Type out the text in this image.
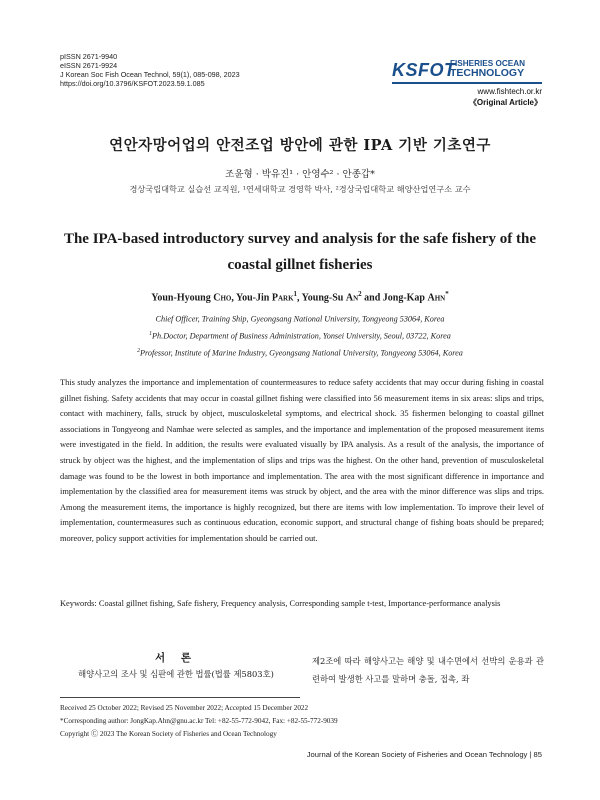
pISSN 2671-9940
eISSN 2671-9924
J Korean Soc Fish Ocean Technol, 59(1), 085-098, 2023
https://doi.org/10.3796/KSFOT.2023.59.1.085
KSFOT
FISHERIES OCEAN
TECHNOLOGY
www.fishtech.or.kr
《Original Article》
연안자망어업의 안전조업 방안에 관한 IPA 기반 기초연구
조윤형 · 박유진¹ · 안영수² · 안종갑*
경상국립대학교 실습선 교직원, ¹연세대학교 경영학 박사, ²경상국립대학교 해양산업연구소 교수
The IPA-based introductory survey and analysis for the safe fishery of the coastal gillnet fisheries
Youn-Hyoung Cho, You-Jin Park$^1$, Young-Su An$^2$ and Jong-Kap Ahn*
Chief Officer, Training Ship, Gyeongsang National University, Tongyeong 53064, Korea
$^1$Ph.Doctor, Department of Business Administration, Yonsei University, Seoul, 03722, Korea
$^2$Professor, Institute of Marine Industry, Gyeongsang National University, Tongyeong 53064, Korea
This study analyzes the importance and implementation of countermeasures to reduce safety accidents that may occur during fishing in coastal gillnet fishing. Safety accidents that may occur in coastal gillnet fishing were classified into 56 measurement items in six areas: slips and trips, contact with machinery, falls, struck by object, musculoskeletal symptoms, and electrical shock. 35 fishermen belonging to coastal gillnet associations in Tongyeong and Namhae were selected as samples, and the importance and implementation of the proposed measurement items were investigated in the field. In addition, the results were evaluated visually by IPA analysis. As a result of the analysis, the importance of struck by object was the highest, and the implementation of slips and trips was the highest. On the other hand, prevention of musculoskeletal damage was found to be the lowest in both importance and implementation. The area with the most significant difference in importance and implementation by the classified area for measurement items was struck by object, and the area with the minor difference was slips and trips. Among the measurement items, the importance is highly recognized, but there are items with low implementation. To improve their level of implementation, countermeasures such as continuous education, economic support, and structural change of fishing boats should be prepared; moreover, policy support activities for implementation should be carried out.
Keywords: Coastal gillnet fishing, Safe fishery, Frequency analysis, Corresponding sample t-test, Importance-performance analysis
서 론
해양사고의 조사 및 심판에 관한 법률(법률 제5803호)
제2조에 따라 해양사고는 해양 및 내수면에서 선박의 운용과 관련하여 발생한 사고를 말하며 충돌, 접촉, 좌
Received 25 October 2022; Revised 25 November 2022; Accepted 15 December 2022
*Corresponding author: JongKap.Ahn@gnu.ac.kr Tel: +82-55-772-9042, Fax: +82-55-772-9039
Copyright Ⓒ 2023 The Korean Society of Fisheries and Ocean Technology
Journal of the Korean Society of Fisheries and Ocean Technology | 85
